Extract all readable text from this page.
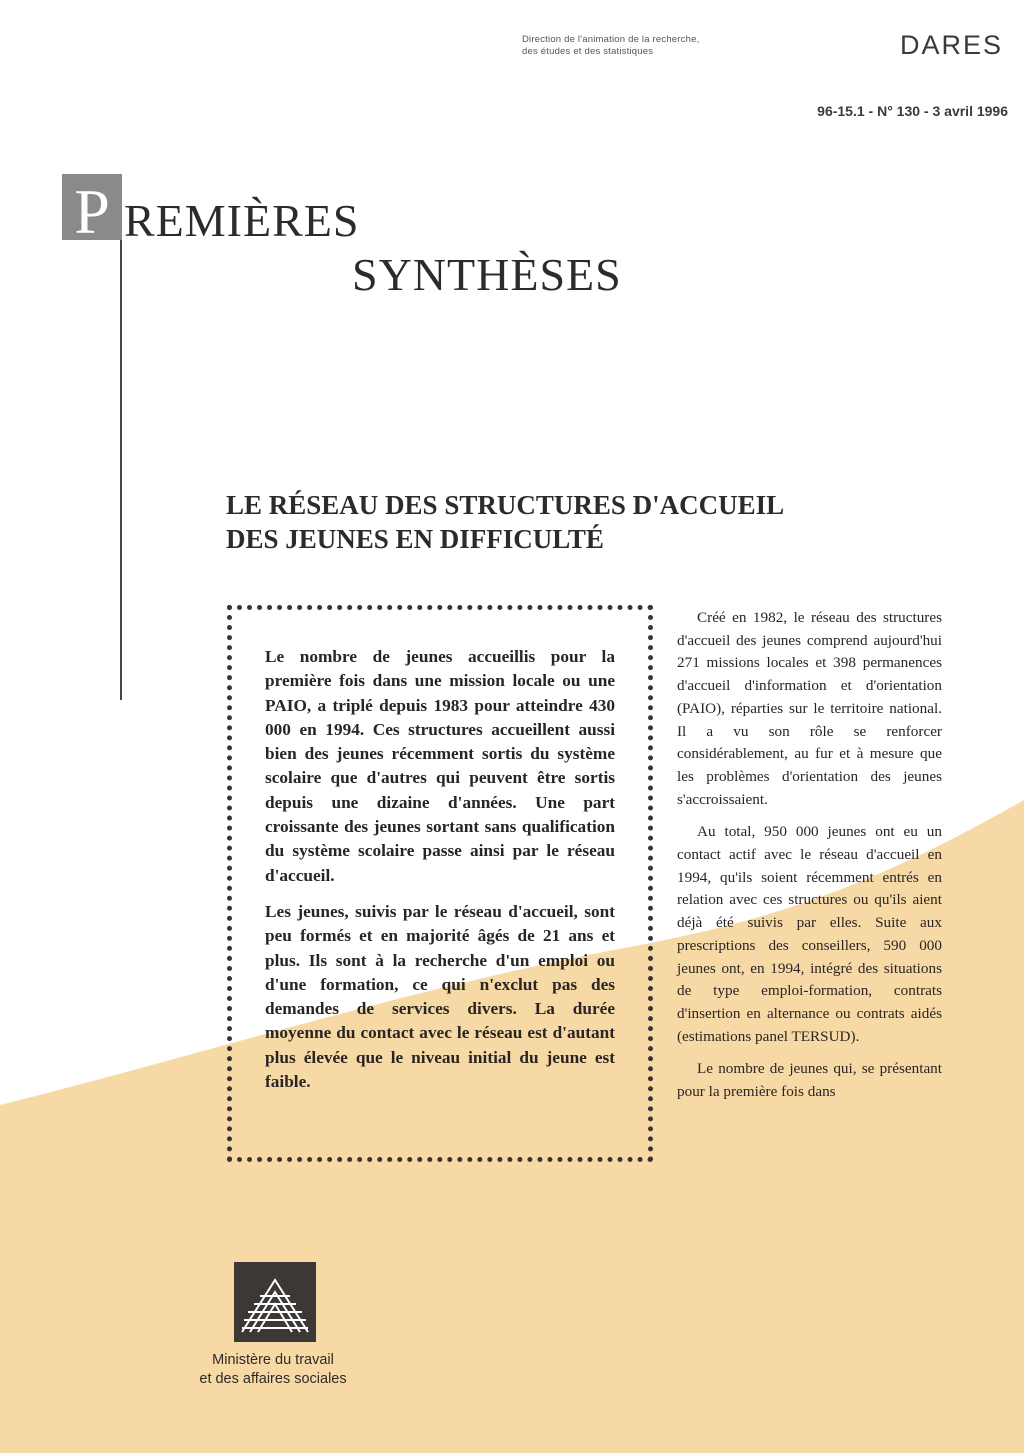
Direction de l'animation de la recherche,
des études et des statistiques	DARES
96-15.1 - N° 130 - 3 avril 1996
P REMIÈRES
SYNTHÈSES
LE RÉSEAU DES STRUCTURES D'ACCUEIL
DES JEUNES EN DIFFICULTÉ

Le nombre de jeunes accueillis pour la première fois dans une mission locale ou une PAIO, a triplé depuis 1983 pour atteindre 430 000 en 1994. Ces structures accueillent aussi bien des jeunes récemment sortis du système scolaire que d'autres qui peuvent être sortis depuis une dizaine d'années. Une part croissante des jeunes sortant sans qualification du système scolaire passe ainsi par le réseau d'accueil.

Les jeunes, suivis par le réseau d'accueil, sont peu formés et en majorité âgés de 21 ans et plus. Ils sont à la recherche d'un emploi ou d'une formation, ce qui n'exclut pas des demandes de services divers. La durée moyenne du contact avec le réseau est d'autant plus élevée que le niveau initial du jeune est faible.

Créé en 1982, le réseau des structures d'accueil des jeunes comprend aujourd'hui 271 missions locales et 398 permanences d'accueil d'information et d'orientation (PAIO), réparties sur le territoire national. Il a vu son rôle se renforcer considérablement, au fur et à mesure que les problèmes d'orientation des jeunes s'accroissaient.

Au total, 950 000 jeunes ont eu un contact actif avec le réseau d'accueil en 1994, qu'ils soient récemment entrés en relation avec ces structures ou qu'ils aient déjà été suivis par elles. Suite aux prescriptions des conseillers, 590 000 jeunes ont, en 1994, intégré des situations de type emploi-formation, contrats d'insertion en alternance ou contrats aidés (estimations panel TERSUD).

Le nombre de jeunes qui, se présentant pour la première fois dans

Ministère du travail
et des affaires sociales
